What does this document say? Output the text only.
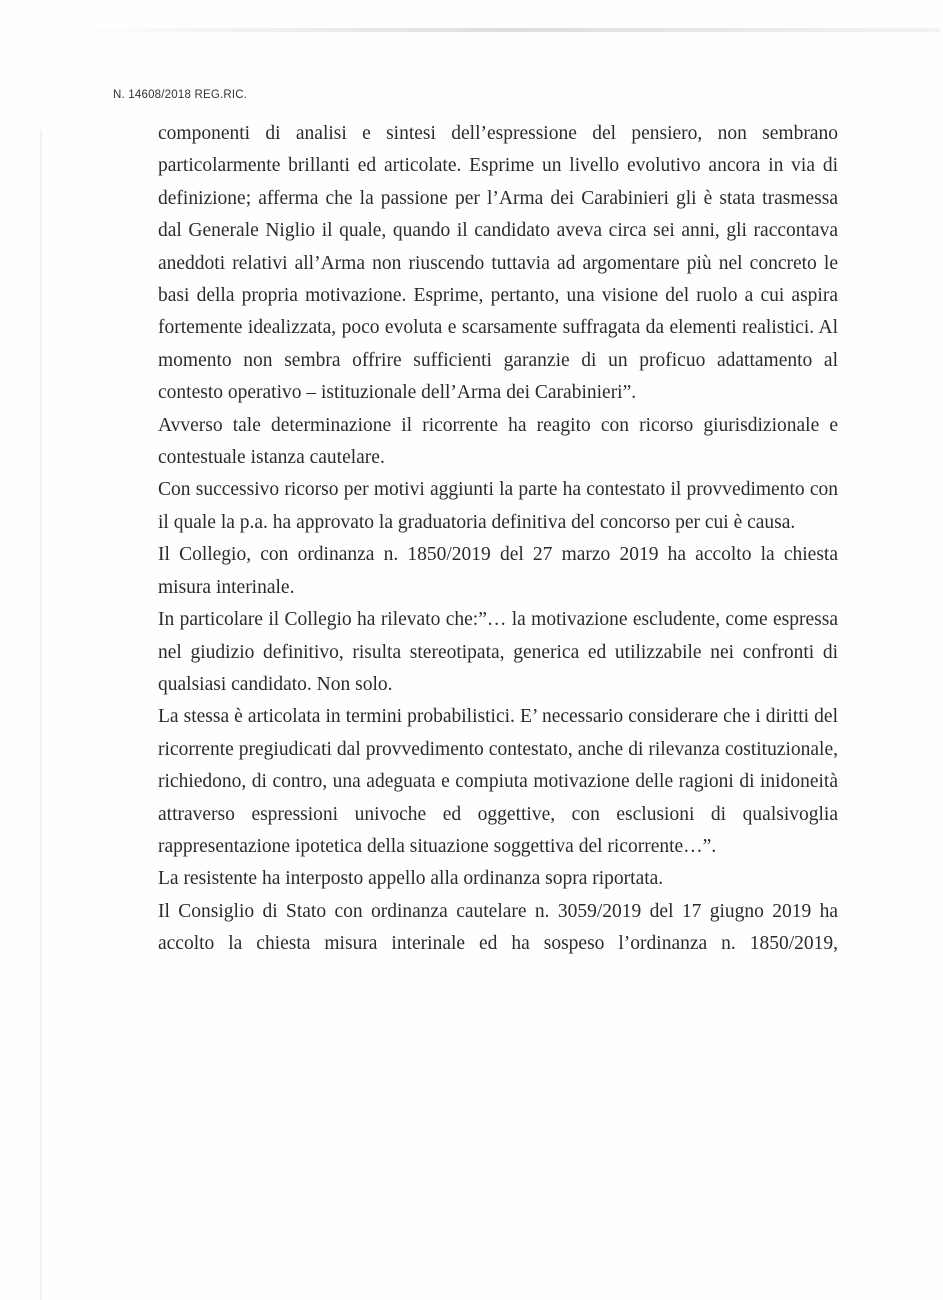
N. 14608/2018 REG.RIC.

componenti di analisi e sintesi dell’espressione del pensiero, non sembrano particolarmente brillanti ed articolate. Esprime un livello evolutivo ancora in via di definizione; afferma che la passione per l’Arma dei Carabinieri gli è stata trasmessa dal Generale Niglio il quale, quando il candidato aveva circa sei anni, gli raccontava aneddoti relativi all’Arma non riuscendo tuttavia ad argomentare più nel concreto le basi della propria motivazione. Esprime, pertanto, una visione del ruolo a cui aspira fortemente idealizzata, poco evoluta e scarsamente suffragata da elementi realistici. Al momento non sembra offrire sufficienti garanzie di un proficuo adattamento al contesto operativo – istituzionale dell’Arma dei Carabinieri”.

Avverso tale determinazione il ricorrente ha reagito con ricorso giurisdizionale e contestuale istanza cautelare.

Con successivo ricorso per motivi aggiunti la parte ha contestato il provvedimento con il quale la p.a. ha approvato la graduatoria definitiva del concorso per cui è causa.

Il Collegio, con ordinanza n. 1850/2019 del 27 marzo 2019 ha accolto la chiesta misura interinale.

In particolare il Collegio ha rilevato che:”… la motivazione escludente, come espressa nel giudizio definitivo, risulta stereotipata, generica ed utilizzabile nei confronti di qualsiasi candidato. Non solo.

La stessa è articolata in termini probabilistici. E’ necessario considerare che i diritti del ricorrente pregiudicati dal provvedimento contestato, anche di rilevanza costituzionale, richiedono, di contro, una adeguata e compiuta motivazione delle ragioni di inidoneità attraverso espressioni univoche ed oggettive, con esclusioni di qualsivoglia rappresentazione ipotetica della situazione soggettiva del ricorrente…”.

La resistente ha interposto appello alla ordinanza sopra riportata.

Il Consiglio di Stato con ordinanza cautelare n. 3059/2019 del 17 giugno 2019 ha accolto la chiesta misura interinale ed ha sospeso l’ordinanza n. 1850/2019,
